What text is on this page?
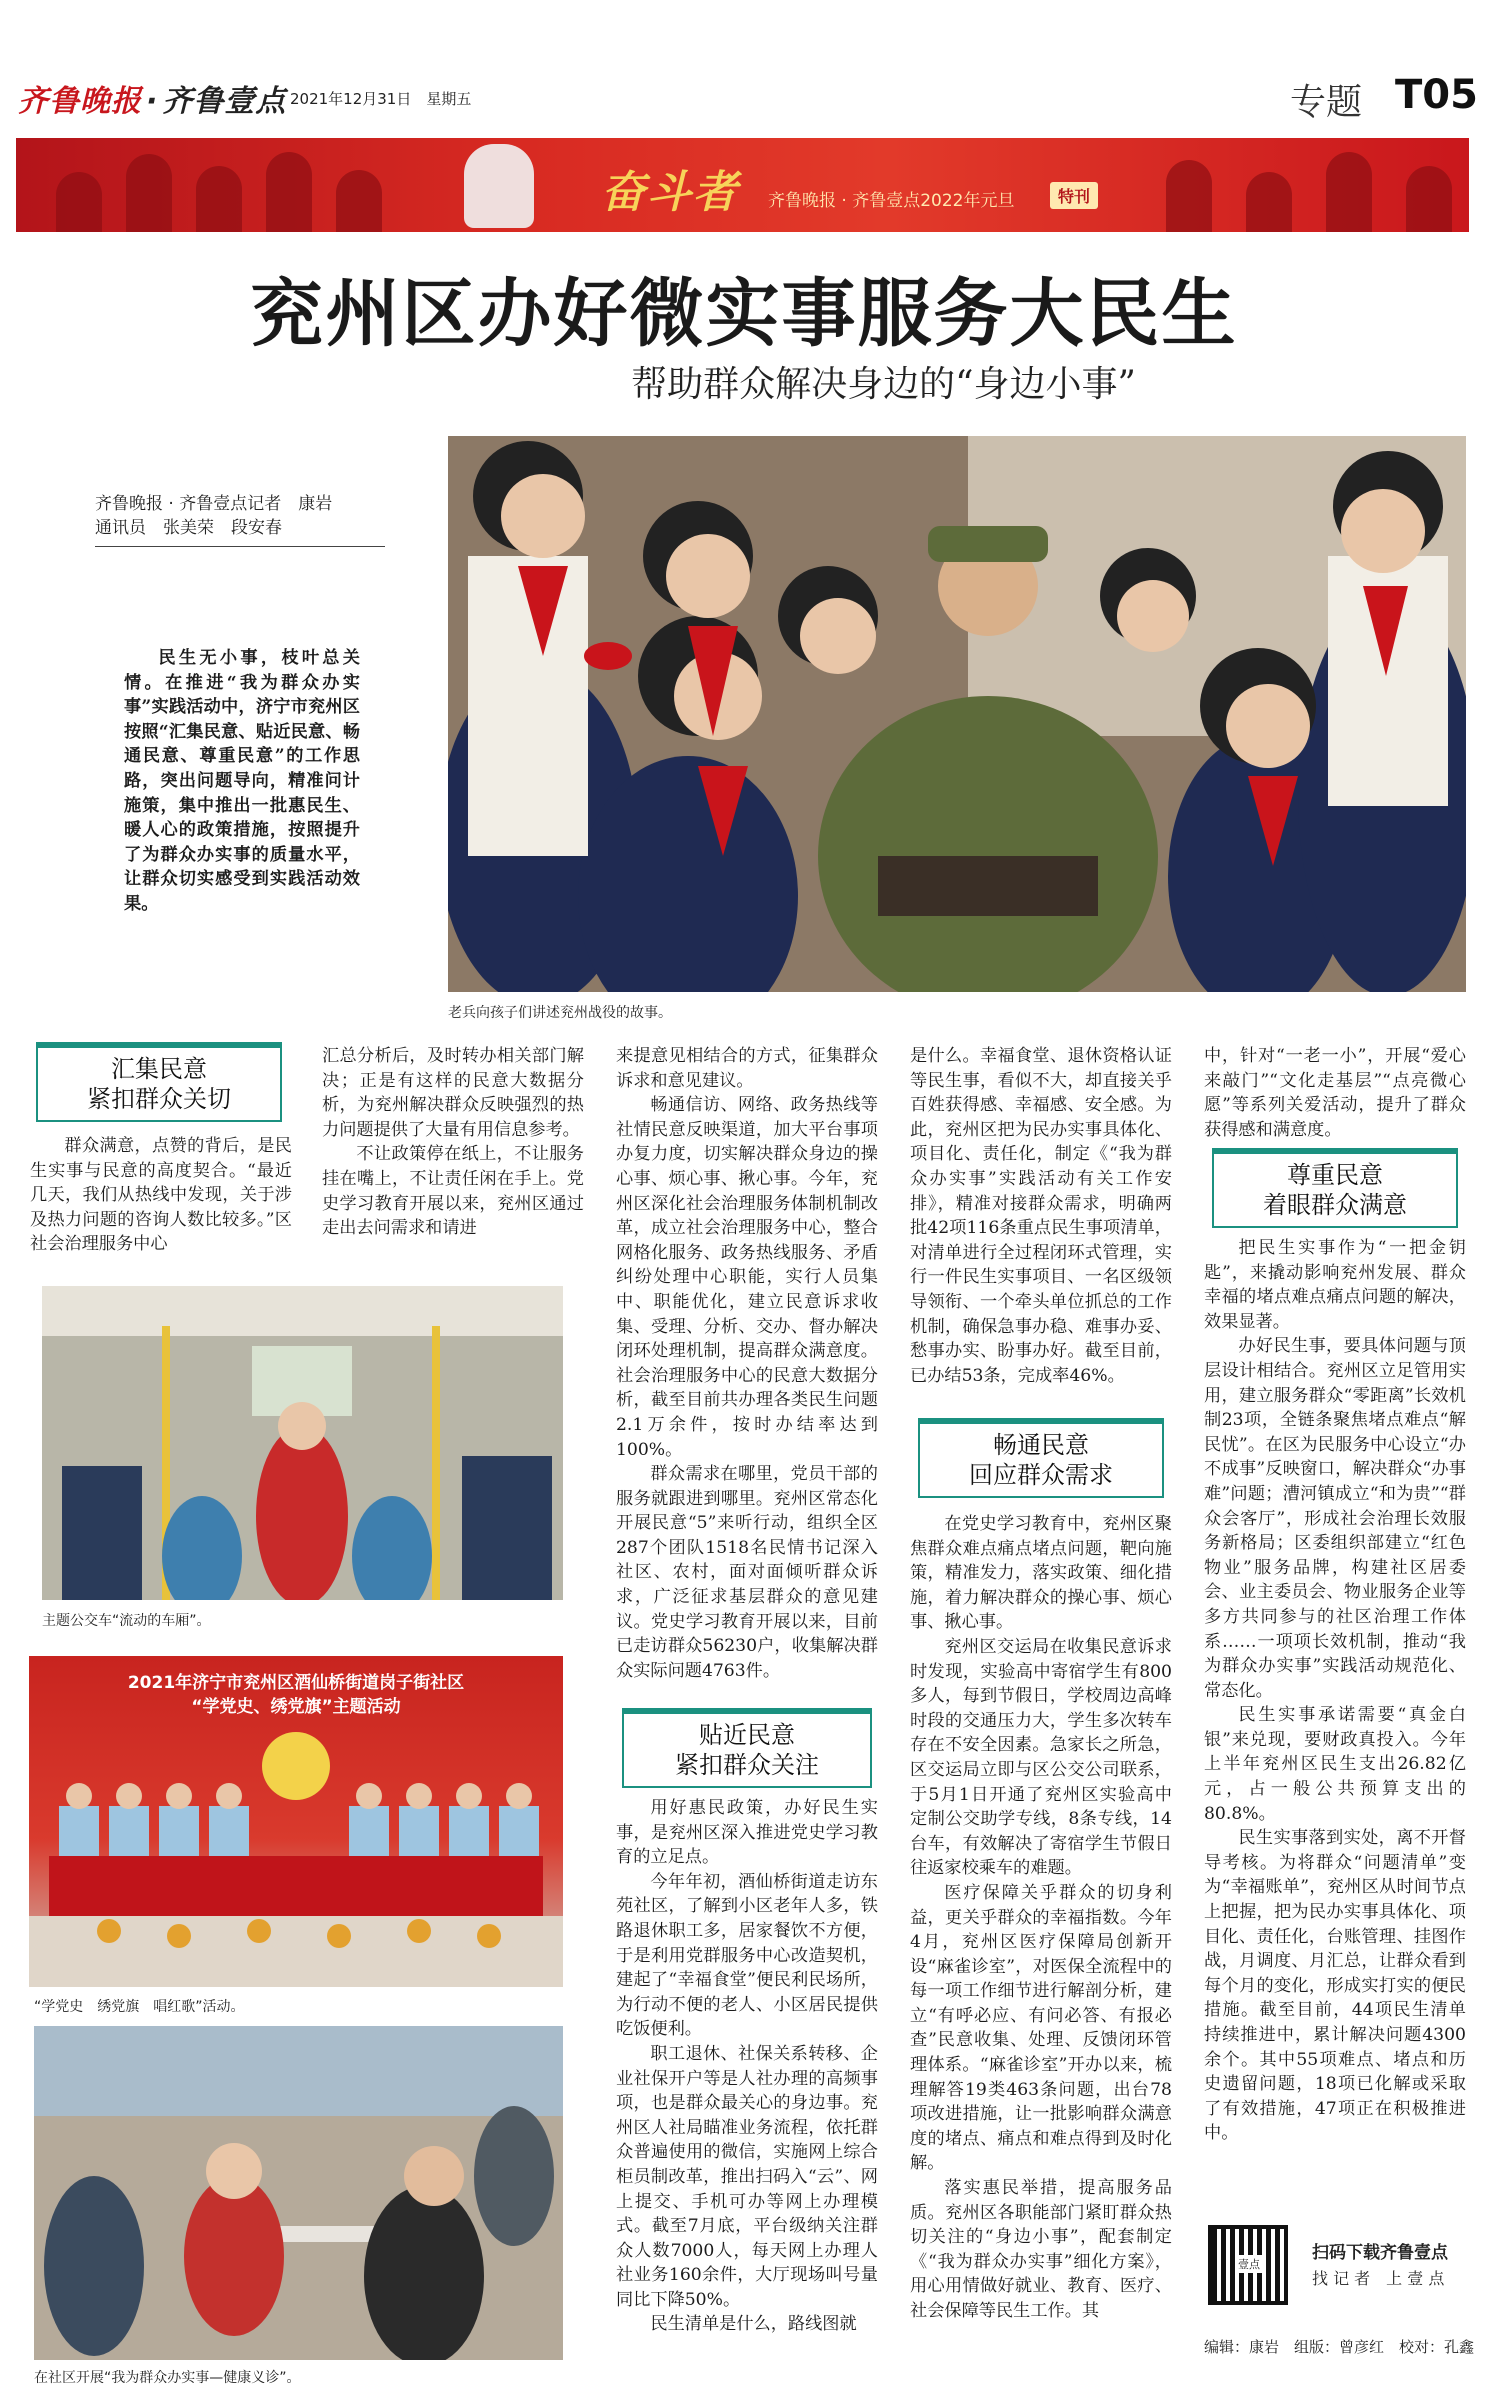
齐鲁晚报 · 齐鲁壹点 2021年12月31日　 星期五	专题 T05
奋斗者 齐鲁晚报 · 齐鲁壹点2022年元旦	特刊
兖州区办好微实事服务大民生
帮助群众解决身边的“身边小事”
齐鲁晚报 · 齐鲁壹点记者　康岩
通讯员　张美荣　段安春

民生无小事，枝叶总关情。在推进“我为群众办实事”实践活动中，济宁市兖州区按照“汇集民意、贴近民意、畅通民意、尊重民意”的工作思路，突出问题导向，精准问计施策，集中推出一批惠民生、暖人心的政策措施，按照提升了为群众办实事的质量水平，让群众切实感受到实践活动效果。

老兵向孩子们讲述兖州战役的故事。
汇集民意
紧扣群众关切

群众满意，点赞的背后，是民生实事与民意的高度契合。“最近几天，我们从热线中发现，关于涉及热力问题的咨询人数比较多。”区社会治理服务中心

汇总分析后，及时转办相关部门解决；正是有这样的民意大数据分析，为兖州解决群众反映强烈的热力问题提供了大量有用信息参考。

不让政策停在纸上，不让服务挂在嘴上，不让责任闲在手上。党史学习教育开展以来，兖州区通过走出去问需求和请进

主题公交车“流动的车厢”。
2021年济宁市兖州区酒仙桥街道岗子街社区
“学党史、绣党旗”主题活动
“学党史　绣党旗　唱红歌”活动。
在社区开展“我为群众办实事—健康义诊”。

来提意见相结合的方式，征集群众诉求和意见建议。

畅通信访、网络、政务热线等社情民意反映渠道，加大平台事项办复力度，切实解决群众身边的操心事、烦心事、揪心事。今年，兖州区深化社会治理服务体制机制改革，成立社会治理服务中心，整合网格化服务、政务热线服务、矛盾纠纷处理中心职能，实行人员集中、职能优化，建立民意诉求收集、受理、分析、交办、督办解决闭环处理机制，提高群众满意度。社会治理服务中心的民意大数据分析，截至目前共办理各类民生问题2.1万余件，按时办结率达到100%。

群众需求在哪里，党员干部的服务就跟进到哪里。兖州区常态化开展民意“5”来听行动，组织全区287个团队1518名民情书记深入社区、农村，面对面倾听群众诉求，广泛征求基层群众的意见建议。党史学习教育开展以来，目前已走访群众56230户，收集解决群众实际问题4763件。

贴近民意
紧扣群众关注

用好惠民政策，办好民生实事，是兖州区深入推进党史学习教育的立足点。

今年年初，酒仙桥街道走访东苑社区，了解到小区老年人多，铁路退休职工多，居家餐饮不方便，于是利用党群服务中心改造契机，建起了“幸福食堂”便民利民场所，为行动不便的老人、小区居民提供吃饭便利。

职工退休、社保关系转移、企业社保开户等是人社办理的高频事项，也是群众最关心的身边事。兖州区人社局瞄准业务流程，依托群众普遍使用的微信，实施网上综合柜员制改革，推出扫码入“云”、网上提交、手机可办等网上办理模式。截至7月底，平台级纳关注群众人数7000人，每天网上办理人社业务160余件，大厅现场叫号量同比下降50%。

民生清单是什么，路线图就

是什么。幸福食堂、退休资格认证等民生事，看似不大，却直接关乎百姓获得感、幸福感、安全感。为此，兖州区把为民办实事具体化、项目化、责任化，制定《“我为群众办实事”实践活动有关工作安排》，精准对接群众需求，明确两批42项116条重点民生事项清单，对清单进行全过程闭环式管理，实行一件民生实事项目、一名区级领导领衔、一个牵头单位抓总的工作机制，确保急事办稳、难事办妥、愁事办实、盼事办好。截至目前，已办结53条，完成率46%。

畅通民意
回应群众需求

在党史学习教育中，兖州区聚焦群众难点痛点堵点问题，靶向施策，精准发力，落实政策、细化措施，着力解决群众的操心事、烦心事、揪心事。

兖州区交运局在收集民意诉求时发现，实验高中寄宿学生有800多人，每到节假日，学校周边高峰时段的交通压力大，学生多次转车存在不安全因素。急家长之所急，区交运局立即与区公交公司联系，于5月1日开通了兖州区实验高中定制公交助学专线，8条专线，14台车，有效解决了寄宿学生节假日往返家校乘车的难题。

医疗保障关乎群众的切身利益，更关乎群众的幸福指数。今年4月，兖州区医疗保障局创新开设“麻雀诊室”，对医保全流程中的每一项工作细节进行解剖分析，建立“有呼必应、有问必答、有报必查”民意收集、处理、反馈闭环管理体系。“麻雀诊室”开办以来，梳理解答19类463条问题，出台78项改进措施，让一批影响群众满意度的堵点、痛点和难点得到及时化解。

落实惠民举措，提高服务品质。兖州区各职能部门紧盯群众热切关注的“身边小事”，配套制定《“我为群众办实事”细化方案》，用心用情做好就业、教育、医疗、社会保障等民生工作。其

中，针对“一老一小”，开展“爱心来敲门”“文化走基层”“点亮微心愿”等系列关爱活动，提升了群众获得感和满意度。

尊重民意
着眼群众满意

把民生实事作为“一把金钥匙”，来撬动影响兖州发展、群众幸福的堵点难点痛点问题的解决，效果显著。

办好民生事，要具体问题与顶层设计相结合。兖州区立足管用实用，建立服务群众“零距离”长效机制23项，全链条聚焦堵点难点“解民忧”。在区为民服务中心设立“办不成事”反映窗口，解决群众“办事难”问题；漕河镇成立“和为贵”“群众会客厅”，形成社会治理长效服务新格局；区委组织部建立“红色物业”服务品牌，构建社区居委会、业主委员会、物业服务企业等多方共同参与的社区治理工作体系……一项项长效机制，推动“我为群众办实事”实践活动规范化、常态化。

民生实事承诺需要“真金白银”来兑现，要财政真投入。今年上半年兖州区民生支出26.82亿元，占一般公共预算支出的80.8%。

民生实事落到实处，离不开督导考核。为将群众“问题清单”变为“幸福账单”，兖州区从时间节点上把握，把为民办实事具体化、项目化、责任化，台账管理、挂图作战，月调度、月汇总，让群众看到每个月的变化，形成实打实的便民措施。截至目前，44项民生清单持续推进中，累计解决问题4300余个。其中55项难点、堵点和历史遗留问题，18项已化解或采取了有效措施，47项正在积极推进中。

壹点
扫码下载齐鲁壹点
找 记 者　上 壹 点
编辑：康岩　组版：曾彦红　校对：孔鑫
